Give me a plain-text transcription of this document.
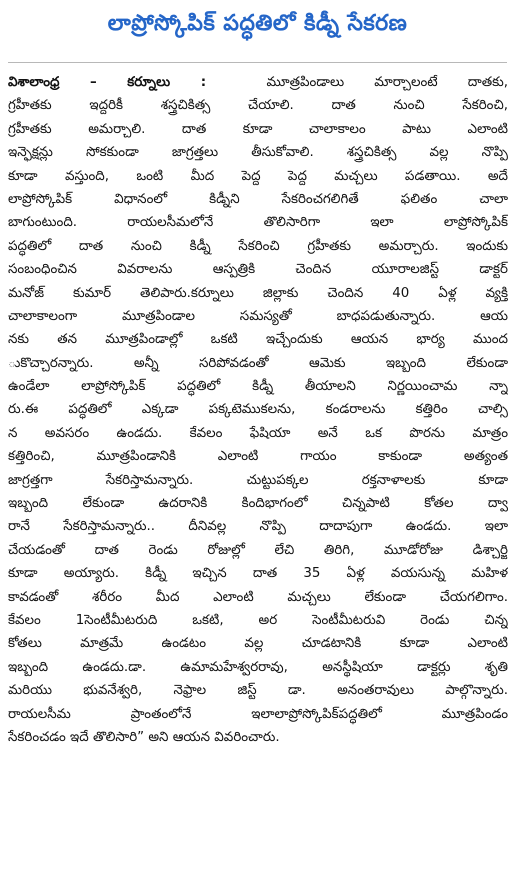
లాప్రోస్కోపిక్ పద్ధతిలో కిడ్నీ సేకరణ
విశాలాంధ్ర – కర్నూలు :	మూత్రపిండాలు మార్చాలంటే దాతకు,
గ్రహీతకు ఇద్దరికీ శస్త్రచికిత్స చేయాలి. దాత నుంచి సేకరించి,
గ్రహీతకు అమర్చాలి. దాత కూడా చాలాకాలం పాటు ఎలాంటి
ఇన్ఫెక్షన్లు సోకకుండా జాగ్రత్తలు తీసుకోవాలి. శస్త్రచికిత్స వల్ల నొప్పి
కూడా వస్తుంది, ఒంటి మీద పెద్ద పెద్ద మచ్చలు పడతాయి. అదే
లాప్రోస్కోపిక్ విధానంలో కిడ్నీని సేకరించగలిగితే ఫలితం చాలా
బాగుంటుంది. రాయలసీమలోనే తొలిసారిగా ఇలా లాప్రోస్కోపిక్
పద్ధతిలో దాత నుంచి కిడ్నీ సేకరించి గ్రహీతకు అమర్చారు. ఇందుకు
సంబంధించిన వివరాలను ఆస్పత్రికి చెందిన యూరాలజిస్ట్ డాక్టర్
మనోజ్ కుమార్ తెలిపారు.కర్నూలు జిల్లాకు చెందిన 40 ఏళ్ల వ్యక్తి
చాలాకాలంగా మూత్రపిండాల సమస్యతో బాధపడుతున్నారు. ఆయ
నకు తన మూత్రపిండాల్లో ఒకటి ఇచ్చేందుకు ఆయన భార్య ముంద
ుకొచ్చారన్నారు. అన్నీ సరిపోవడంతో ఆమెకు ఇబ్బంది లేకుండా
ఉండేలా లాప్రోస్కోపిక్ పద్ధతిలో కిడ్నీ తీయాలని నిర్ణయించామ న్నా
రు.ఈ పద్ధతిలో ఎక్కడా పక్కటెముకలను, కండరాలను కత్తిరిం చాల్సి
న అవసరం ఉండదు. కేవలం ఫేషియా అనే ఒక పొరను మాత్రం
కత్తిరించి, మూత్రపిండానికి ఎలాంటి గాయం కాకుండా అత్యంత
జాగ్రత్తగా సేకరిస్తామన్నారు. చుట్టుపక్కల రక్తనాళాలకు కూడా
ఇబ్బంది లేకుండా ఉదరానికి కిందిభాగంలో చిన్నపాటి కోతల ద్వా
రానే సేకరిస్తామన్నారు.. దీనివల్ల నొప్పి దాదాపుగా ఉండదు. ఇలా
చేయడంతో దాత రెండు రోజుల్లో లేచి తిరిగి, మూడోరోజు డిశ్చార్జి
కూడా అయ్యారు. కిడ్నీ ఇచ్చిన దాత 35 ఏళ్ల వయసున్న మహిళ
కావడంతో శరీరం మీద ఎలాంటి మచ్చలు లేకుండా చేయగలిగాం.
కేవలం 1సెంటీమీటరుది ఒకటి, అర సెంటీమీటరువి రెండు చిన్న
కోతలు మాత్రమే ఉండటం వల్ల చూడటానికి కూడా ఎలాంటి
ఇబ్బంది ఉండదు.డా. ఉమామహేశ్వరరావు, అనస్థీషియా డాక్టర్లు శృతి
మరియు భువనేశ్వరి, నెఫ్రాల జిస్ట్ డా. అనంతరావులు పాల్గొన్నారు.
రాయలసీమ ప్రాంతంలోనే ఇలాలాప్రోస్కోపిక్‌పద్ధతిలో మూత్రపిండం
సేకరించడం ఇదే తొలిసారి” అని ఆయన వివరించారు.
